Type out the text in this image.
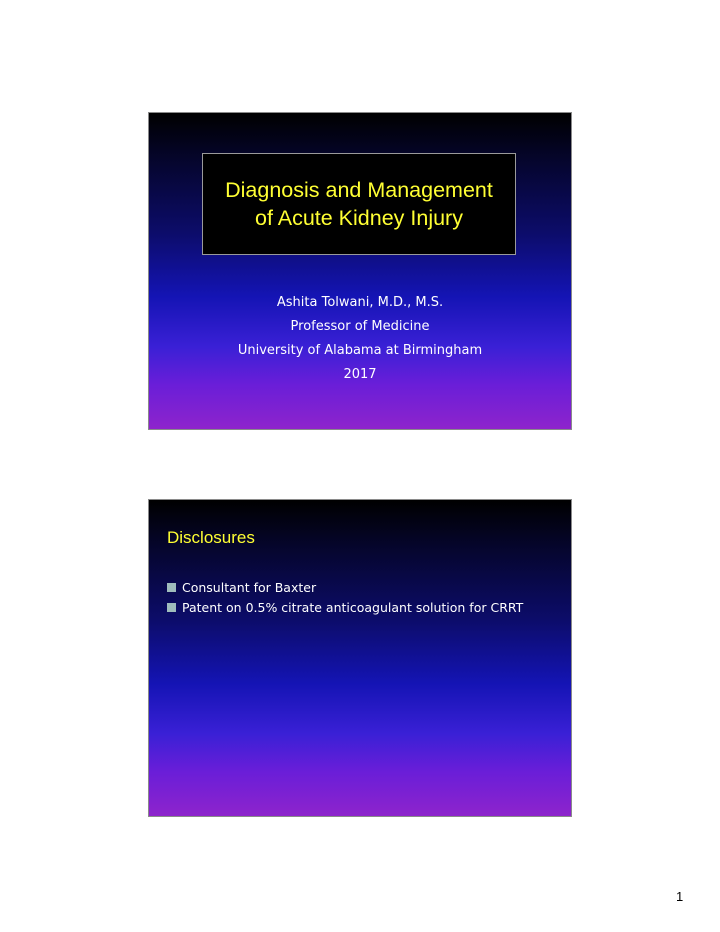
Diagnosis and Management
of Acute Kidney Injury
Ashita Tolwani, M.D., M.S.
Professor of Medicine
University of Alabama at Birmingham
2017
Disclosures
Consultant for Baxter
Patent on 0.5% citrate anticoagulant solution for CRRT
1
